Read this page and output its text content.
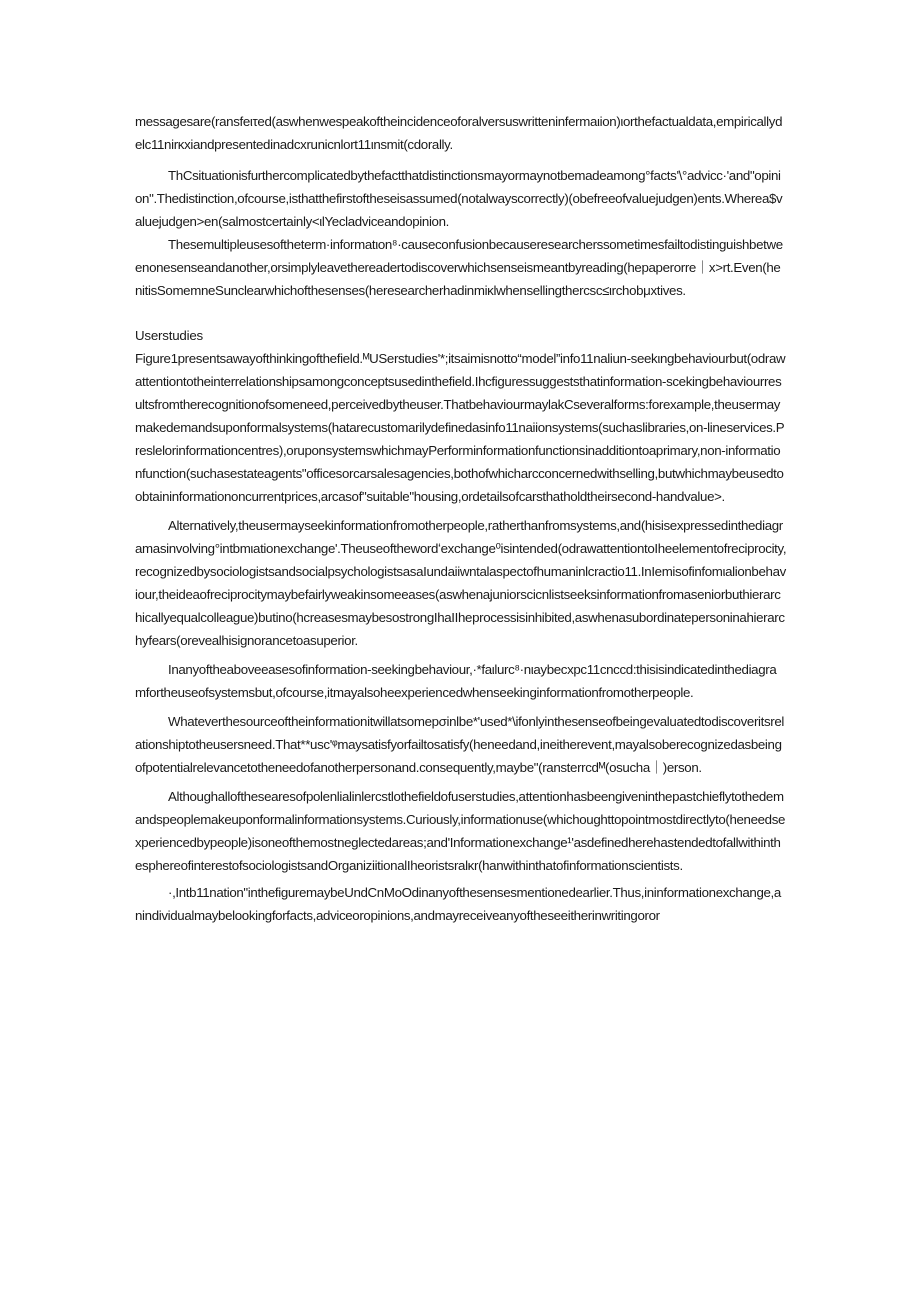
messagesare(ransfeιτed(aswhenwespeakoftheincidenceoforalversuswritteninfermaιion)ιorthefactualdata,empiricallydelc11nirκxiandpresentedinadcxrunicnlort11ιnsmit(cdorally.

ThCsituationisfurthercomplicatedbythefactthatdistinctionsmayormaynotbemadeamong°facts'\°advicc·'and"opinion".Thedistinction,ofcourse,isthatthefirstoftheseisassumed(notalwayscorrectly)(obefreeofvaluejudgen)ents.Wherea$valuejudgen>en(salmostcertainly<ιlYecladviceandopinion.

Thesemultipleusesoftheterm·informatιon⁸·causeconfusionbecauseresearcherssometimesfailtodistinguishbetweenonesenseandanother,orsimplyleavethereadertodiscoverwhichsenseismeantbyreading(hepaperorre｜x>rt.Even(henitisSomemneSunclearwhichofthesenses(heresearcherhadinmiκlwhensellingthercsc≤ιrchobμxtives.

Userstudies

Figure1presentsawayofthinkingofthefield.ᴹUSerstudies'*;itsaimisnotto“model”info11naliun-seekιngbehaviourbut(odrawattentiontotheinterrelationshipsamongconceptsusedinthefield.Ihcfiguressuggeststhatinformation-scekingbehaviourresultsfromtherecognitionofsomeneed,perceivedbytheuser.ThatbehaviourmaylakCseveralforms:forexample,theusermaymakedemandsuponformalsystems(hatarecustomarilydefinedasinfo11naiionsystems(suchaslibraries,on-lineservices.Preslelorinformationcentres),oruponsystemswhichmayPerforminformationfunctionsinadditiontoaprimary,non-informationfunction(suchasestateagents"officesorcarsalesagencies,bothofwhicharcconcernedwithselling,butwhichmaybeusedtoobtaininformationoncurrentprices,arcasof"suitable"housing,ordetailsofcarsthatholdtheirsecond-handvalue>.

Alternatively,theusermayseekinformationfromotherpeople,ratherthanfromsystems,and(hisisexpressedinthediagramasinvolving°intbmιationexchange'.Theuseofthewordʻexchange⁰isintended(odrawattentiontoIheelementofreciprocity,recognizedbysociologistsandsocialpsychologistsasaIundaiiwntalaspectofhumaninlcractio11.InIemisofinfomιalionbehaviour,theideaofreciprocitymaybefairlyweakinsomeeases(aswhenajuniorscicnlistseeksinformationfromaseniorbuthierarchicallyequalcolleague)butino(hcreasesmaybesostrongIhaIIheprocessisinhibited,aswhenasubordinatepersoninahierarchyfears(orevealhisignorancetoasuperior.

Inanyoftheaboveeasesofinformation-seekingbehaviour,·*faιlurc⁸·nιaybecxpc11cnccd:thisisindicatedinthediagramfortheuseofsystemsbut,ofcourse,itmayalsoheexperiencedwhenseekinginformationfromotherpeople.

Whateverthesourceoftheinformationitwillatsomepσinlbe*'used*\ifonlyinthesenseofbeingevaluatedtodiscoveritsrelationshiptotheusersneed.That**usc'ᵠmaysatisfyorfailtosatisfy(heneedand,ineitherevent,mayalsoberecognizedasbeingofpotentialrelevancetotheneedofanotherpersonand.consequently,maybe"(ransterrcdᴹ(osucha｜)erson.

Althoughallofthesearesofpolenlialinlercstlothefieldofuserstudies,attentionhasbeengiveninthepastchieflytothedemandspeoplemakeuponformalinformationsystems.Curiously,informationuse(whichoughttopointmostdirectlyto(heneedsexperiencedbypeople)isoneofthemostneglectedareas;and'Informationexchange¹'asdefinedherehastendedtofallwithinthesphereofinterestofsociologistsandOrganiziitionalIheoristsralκr(hanwithinthatofinformationscientists.

·,Intb11nation"inthefiguremaybeUndCnMoOdinanyofthesensesmentionedearlier.Thus,ininformationexchange,anindividualmaybelookingforfacts,adviceoropinions,andmayreceiveanyoftheseeitherinwritingoror
